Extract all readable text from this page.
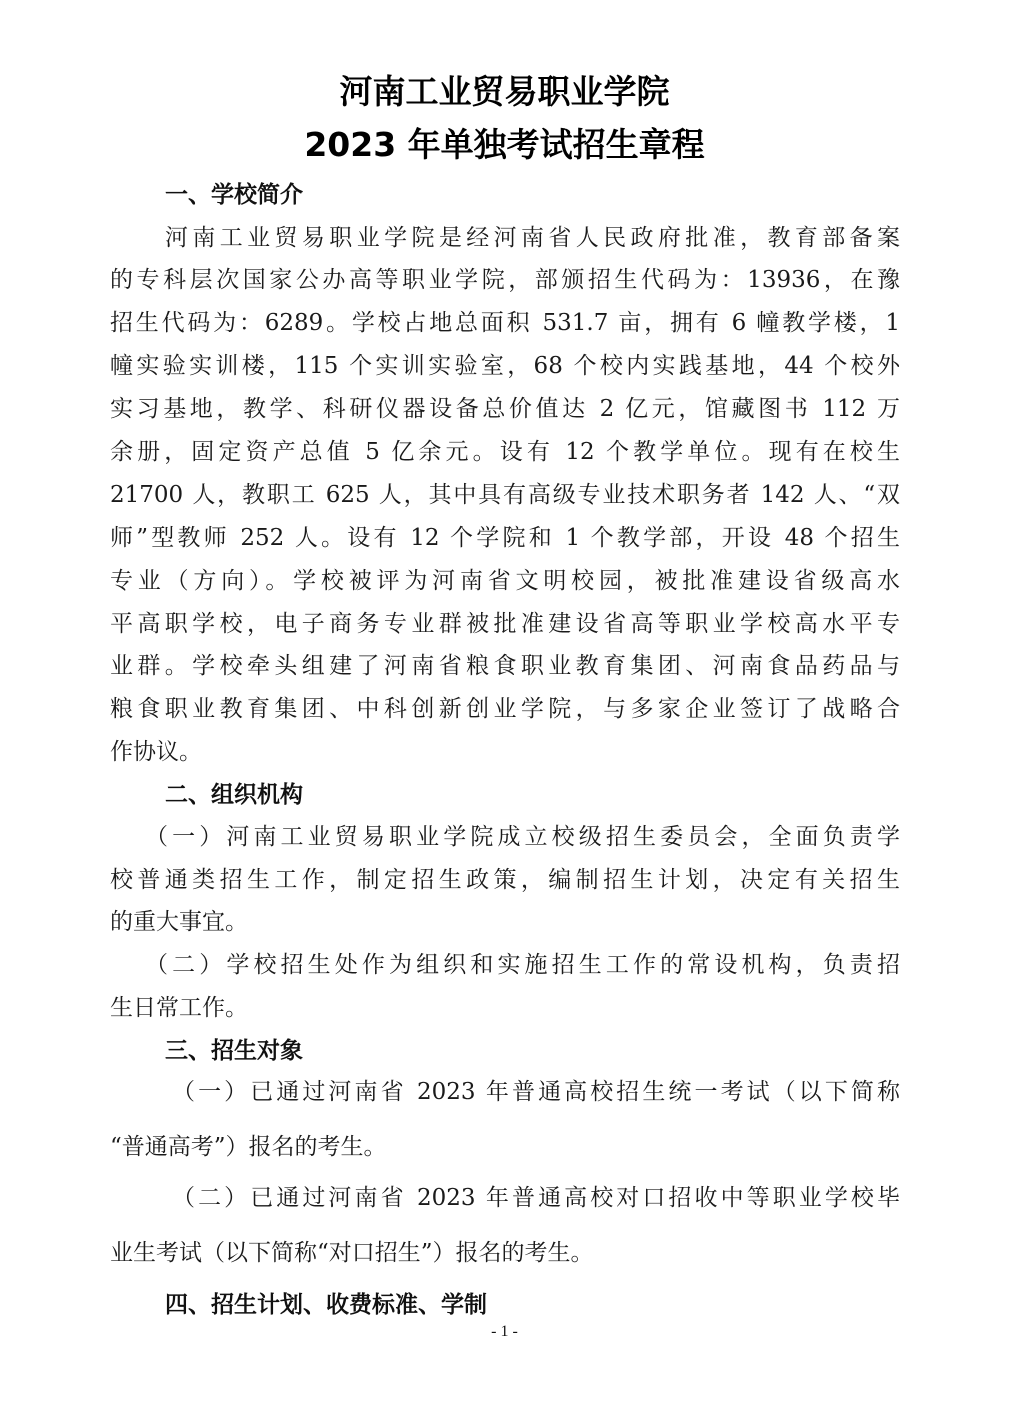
河南工业贸易职业学院
2023 年单独考试招生章程
一、学校简介
河南工业贸易职业学院是经河南省人民政府批准，教育部备案
的专科层次国家公办高等职业学院，部颁招生代码为：13936，在豫
招生代码为：6289。学校占地总面积 531.7 亩，拥有 6 幢教学楼，1
幢实验实训楼，115 个实训实验室，68 个校内实践基地，44 个校外
实习基地，教学、科研仪器设备总价值达 2 亿元，馆藏图书 112 万
余册，固定资产总值 5 亿余元。设有 12 个教学单位。现有在校生
21700 人，教职工 625 人，其中具有高级专业技术职务者 142 人、“双
师”型教师 252 人。设有 12 个学院和 1 个教学部，开设 48 个招生
专业（方向）。学校被评为河南省文明校园，被批准建设省级高水
平高职学校，电子商务专业群被批准建设省高等职业学校高水平专
业群。学校牵头组建了河南省粮食职业教育集团、河南食品药品与
粮食职业教育集团、中科创新创业学院，与多家企业签订了战略合
作协议。
二、组织机构
（一）河南工业贸易职业学院成立校级招生委员会，全面负责学
校普通类招生工作，制定招生政策，编制招生计划，决定有关招生
的重大事宜。
（二）学校招生处作为组织和实施招生工作的常设机构，负责招
生日常工作。
三、招生对象
（一）已通过河南省 2023 年普通高校招生统一考试（以下简称
“普通高考”）报名的考生。
（二）已通过河南省 2023 年普通高校对口招收中等职业学校毕
业生考试（以下简称“对口招生”）报名的考生。
四、招生计划、收费标准、学制
- 1 -
